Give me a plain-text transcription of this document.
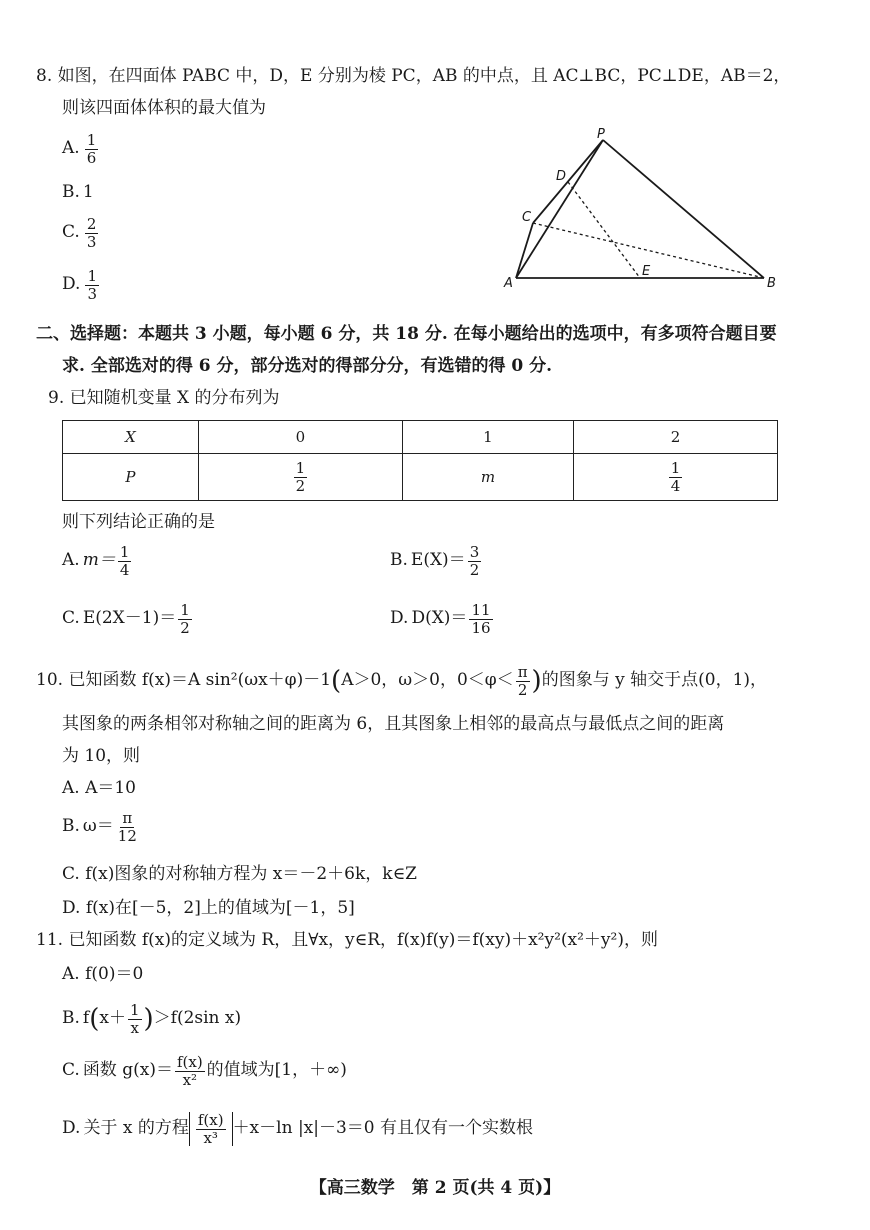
8. 如图，在四面体 PABC 中，D，E 分别为棱 PC，AB 的中点，且 AC⊥BC，PC⊥DE，AB＝2，
则该四面体体积的最大值为
A. $\frac{1}{6}$
B. 1
C. $\frac{2}{3}$
D. $\frac{1}{3}$
P
D
C
A
E
B
二、选择题：本题共 3 小题，每小题 6 分，共 18 分. 在每小题给出的选项中，有多项符合题目要
求. 全部选对的得 6 分，部分选对的得部分分，有选错的得 0 分.
9. 已知随机变量 X 的分布列为
X	0	1	2
P	$\frac{1}{2}$	m	$\frac{1}{4}$
则下列结论正确的是
A. $m= \frac{1}{4}$	B. $E(X)= \frac{3}{2}$
C. $E(2X-1)= \frac{1}{2}$	D. $D(X)= \frac{11}{16}$
10. 已知函数 f(x)＝A sin²(ωx＋φ)－1 ( A＞0，ω＞0，$0<\varphi< \frac{\pi}{2}$ ) 的图象与 y 轴交于点(0，1)，
其图象的两条相邻对称轴之间的距离为 6，且其图象上相邻的最高点与最低点之间的距离
为 10，则
A. A＝10
B. $\omega= \frac{\pi}{12}$
C. f(x)图象的对称轴方程为 x＝－2＋6k，k∈Z
D. f(x)在[－5，2]上的值域为[－1，5]
11. 已知函数 f(x)的定义域为 R，且∀x，y∈R，f(x)f(y)＝f(xy)＋x²y²(x²＋y²)，则
A. f(0)＝0
B. f ( $x+ \frac{1}{x}$ ) ＞f(2sin x)
C. 函数 $g(x)= \frac{f(x)}{\text{x²}}$ 的值域为[1，＋∞)
D. 关于 x 的方程 $\frac{f(x)}{\text{x³}} +x-\ln$ |x|－3＝0 有且仅有一个实数根
【高三数学　第 2 页(共 4 页)】
